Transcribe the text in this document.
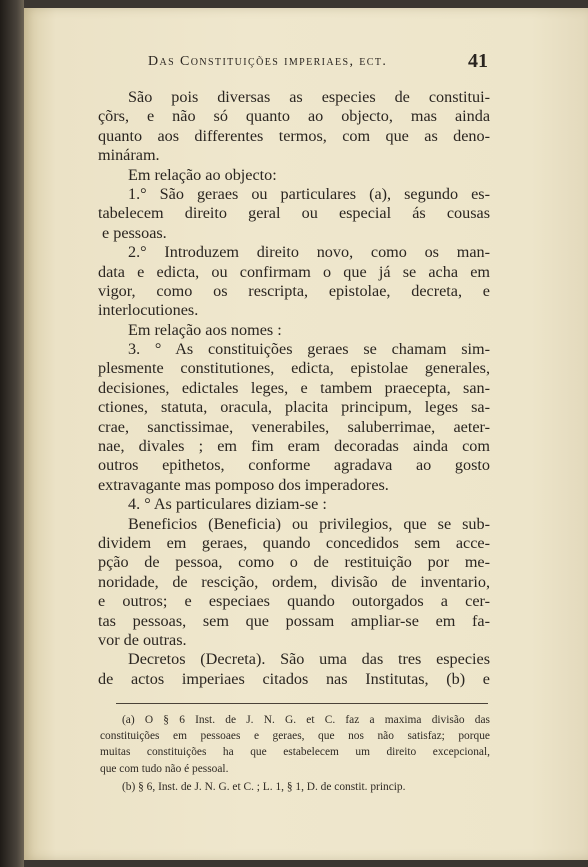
Das Constituições imperiaes, ect.	41
São pois diversas as especies de constitui-
çõrs, e não só quanto ao objecto, mas ainda
quanto aos differentes termos, com que as deno-
mináram.
Em relação ao objecto:
1.° São geraes ou particulares (a), segundo es-
tabelecem direito geral ou especial ás cousas
e pessoas.
2.° Introduzem direito novo, como os man-
data e edicta, ou confirmam o que já se acha em
vigor, como os rescripta, epistolae, decreta, e
interlocutiones.
Em relação aos nomes :
3. ° As constituições geraes se chamam sim-
plesmente constitutiones, edicta, epistolae generales,
decisiones, edictales leges, e tambem praecepta, san-
ctiones, statuta, oracula, placita principum, leges sa-
crae, sanctissimae, venerabiles, saluberrimae, aeter-
nae, divales ; em fim eram decoradas ainda com
outros epithetos, conforme agradava ao gosto
extravagante mas pomposo dos imperadores.
4. ° As particulares diziam-se :
Beneficios (Beneficia) ou privilegios, que se sub-
dividem em geraes, quando concedidos sem acce-
pção de pessoa, como o de restituição por me-
noridade, de rescição, ordem, divisão de inventario,
e outros; e especiaes quando outorgados a cer-
tas pessoas, sem que possam ampliar-se em fa-
vor de outras.
Decretos (Decreta). São uma das tres especies
de actos imperiaes citados nas Institutas, (b) e
(a) O § 6 Inst. de J. N. G. et C. faz a maxima divisão das
constituições em pessoaes e geraes, que nos não satisfaz; porque
muitas constituições ha que estabelecem um direito excepcional,
que com tudo não é pessoal.
(b) § 6, Inst. de J. N. G. et C. ; L. 1, § 1, D. de constit. princip.
